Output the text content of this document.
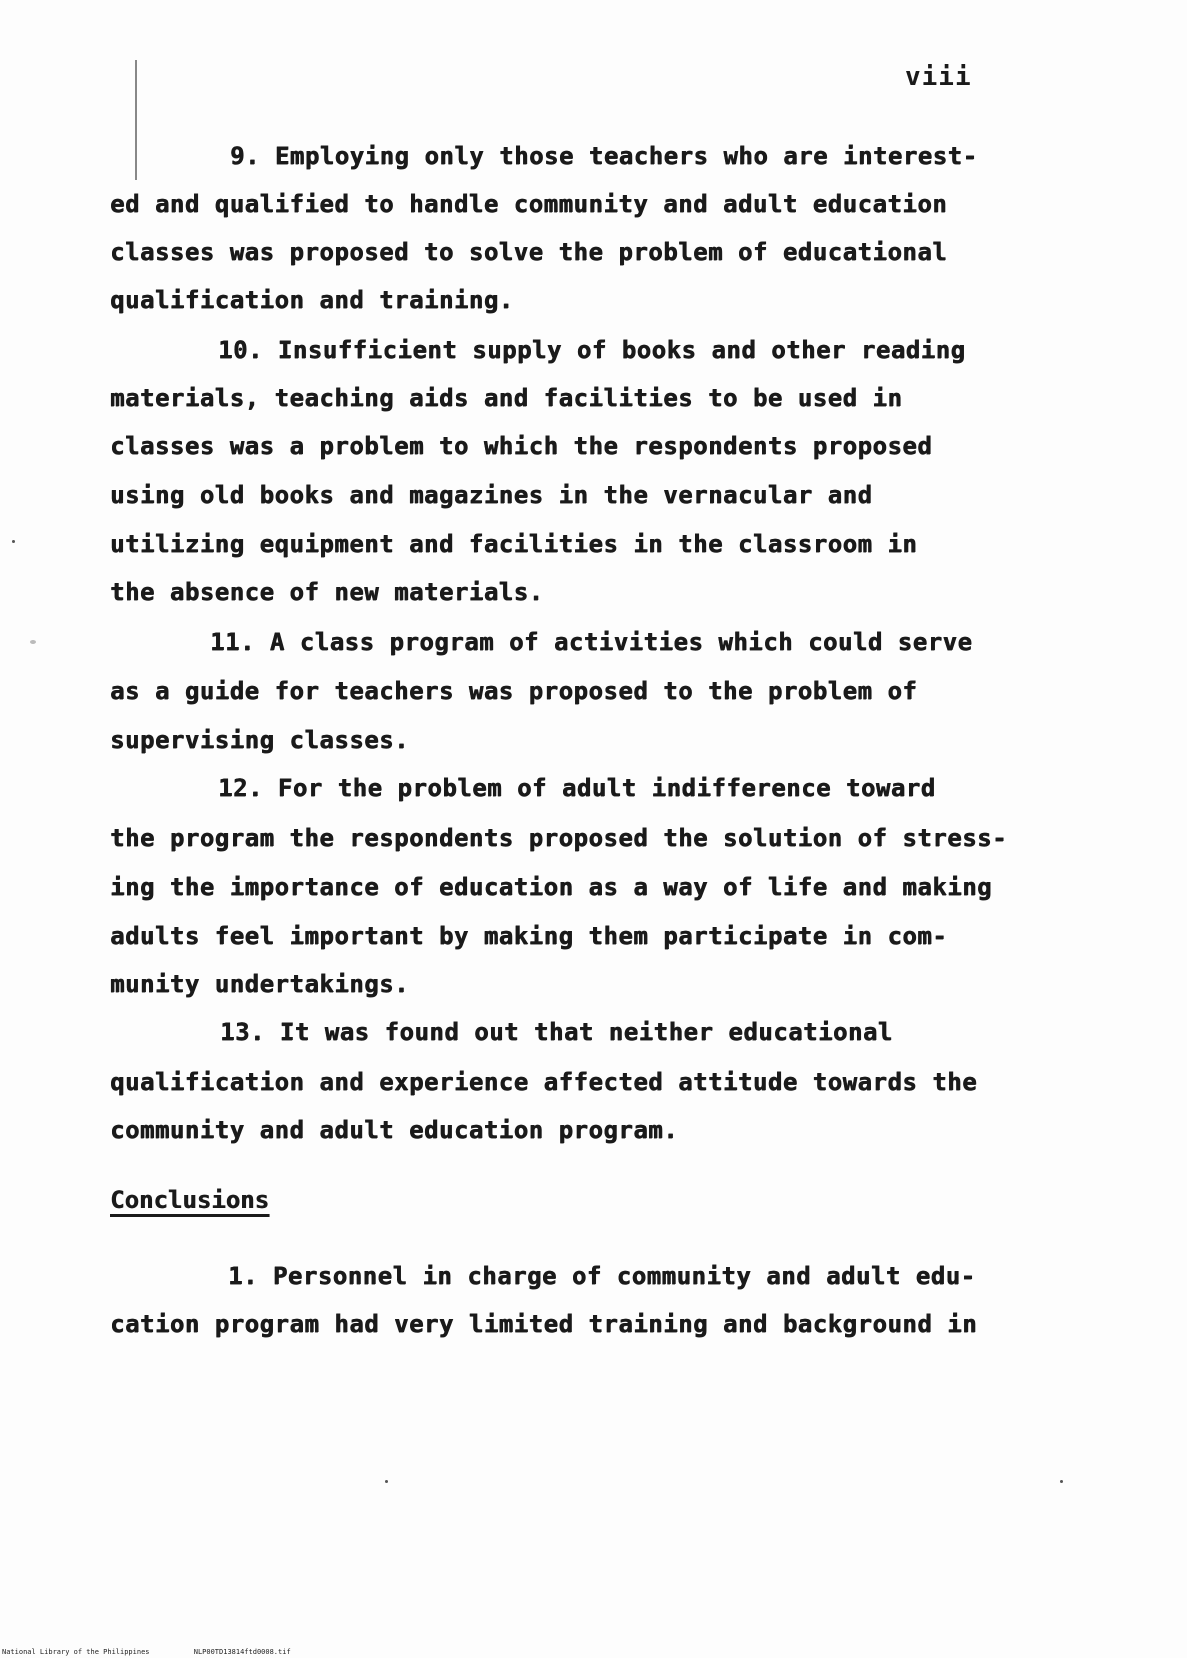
viii
9. Employing only those teachers who are interest-
ed and qualified to handle community and adult education
classes was proposed to solve the problem of educational
qualification and training.
10. Insufficient supply of books and other reading
materials, teaching aids and facilities to be used in
classes was a problem to which the respondents proposed
using old books and magazines in the vernacular and
utilizing equipment and facilities in the classroom in
the absence of new materials.
11. A class program of activities which could serve
as a guide for teachers was proposed to the problem of
supervising classes.
12. For the problem of adult indifference toward
the program the respondents proposed the solution of stress-
ing the importance of education as a way of life and making
adults feel important by making them participate in com-
munity undertakings.
13. It was found out that neither educational
qualification and experience affected attitude towards the
community and adult education program.
Conclusions
1. Personnel in charge of community and adult edu-
cation program had very limited training and background in
National Library of the Philippines	NLP00TD13814ftd0008.tif
